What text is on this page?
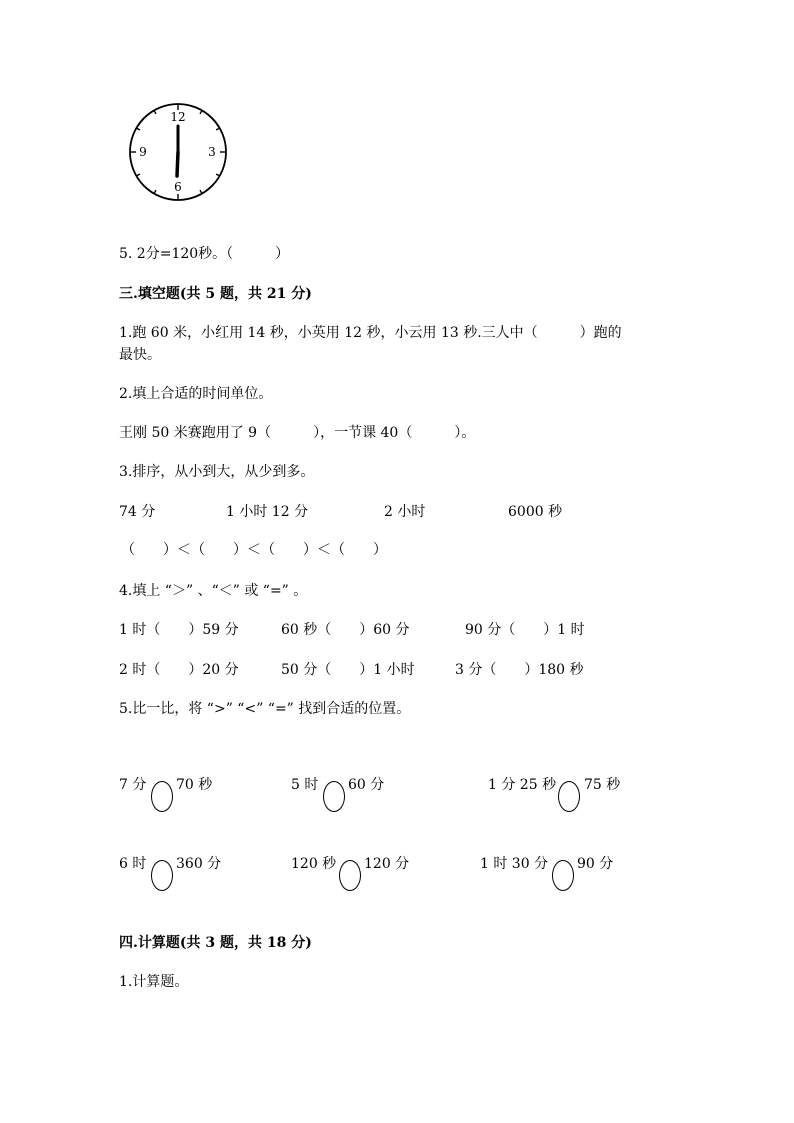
12
3
6
9
5. 2分=120秒。（　　　）
三.填空题(共 5 题，共 21 分)
1.跑 60 米，小红用 14 秒，小英用 12 秒，小云用 13 秒.三人中（　　　）跑的
最快。
2.填上合适的时间单位。
王刚 50 米赛跑用了 9（　　　），一节课 40（　　　）。
3.排序，从小到大，从少到多。
74 分	1 小时 12 分	2 小时	6000 秒
（　　）＜（　　）＜（　　）＜（　　）
4.填上 “＞” 、“＜” 或 “=” 。
1 时（　　）59 分	60 秒（　　）60 分	90 分（　　）1 时
2 时（　　）20 分	50 分（　　）1 小时	3 分（　　）180 秒
5.比一比，将 “>” “<” “=” 找到合适的位置。
7 分 70 秒	5 时 60 分	1 分 25 秒 75 秒
6 时 360 分	120 秒 120 分	1 时 30 分 90 分
四.计算题(共 3 题，共 18 分)
1.计算题。
